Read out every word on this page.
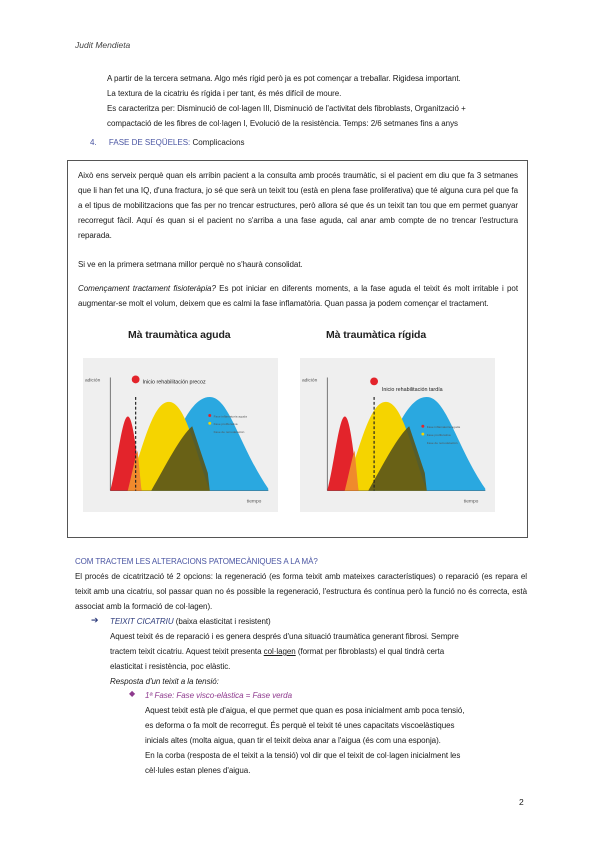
Judit Mendieta
A partir de la tercera setmana. Algo més rígid però ja es pot començar a treballar. Rigidesa important.
La textura de la cicatriu és rígida i per tant, és més difícil de moure.
Es caracteritza per: Disminució de col·lagen III, Disminució de l'activitat dels fibroblasts, Organització +
compactació de les fibres de col·lagen I, Evolució de la resistència. Temps: 2/6 setmanes fins a anys
4. FASE DE SEQÜELES: Complicacions
Això ens serveix perquè quan els arribin pacient a la consulta amb procés traumàtic, si el pacient em diu que fa 3 setmanes que li han fet una IQ, d'una fractura, jo sé que serà un teixit tou (està en plena fase proliferativa) que té alguna cura pel que fa a el tipus de mobilitzacions que fas per no trencar estructures, però allora sé que és un teixit tan tou que em permet guanyar recorregut fàcil. Aquí és quan si el pacient no s'arriba a una fase aguda, cal anar amb compte de no trencar l'estructura reparada.
Si ve en la primera setmana millor perquè no s'haurà consolidat.
Començament tractament fisioteràpia? Es pot iniciar en diferents moments, a la fase aguda el teixit és molt irritable i pot augmentar-se molt el volum, deixem que es calmi la fase inflamatòria. Quan passa ja podem començar el tractament.
Mà traumàtica aguda	Mà traumàtica rígida
adición
tiempo
Inicio rehabilitación precoz
Fase inflamatoria aguda
Fase proliferativa
Fase de remodelación
adición
tiempo
Inicio rehabilitación tardía
Fase inflamatoria aguda
Fase proliferativa
Fase de remodelación
COM TRACTEM LES ALTERACIONS PATOMECÀNIQUES A LA MÀ?
El procés de cicatrització té 2 opcions: la regeneració (es forma teixit amb mateixes característiques) o reparació (es repara el teixit amb una cicatriu, sol passar quan no és possible la regeneració, l'estructura és contínua però la funció no és correcta, està associat amb la formació de col·lagen).
➔ TEIXIT CICATRIU (baixa elasticitat i resistent)
Aquest teixit és de reparació i es genera després d'una situació traumàtica generant fibrosi. Sempre
tractem teixit cicatriu. Aquest teixit presenta col·lagen (format per fibroblasts) el qual tindrà certa
elasticitat i resistència, poc elàstic.
Resposta d'un teixit a la tensió:
◆ 1ª Fase: Fase visco-elàstica = Fase verda
Aquest teixit està ple d'aigua, el que permet que quan es posa inicialment amb poca tensió,
es deforma o fa molt de recorregut. És perquè el teixit té unes capacitats viscoelàstiques
inicials altes (molta aigua, quan tir el teixit deixa anar a l'aigua (és com una esponja).
En la corba (resposta de el teixit a la tensió) vol dir que el teixit de col·lagen inicialment les
cèl·lules estan plenes d'aigua.
2
